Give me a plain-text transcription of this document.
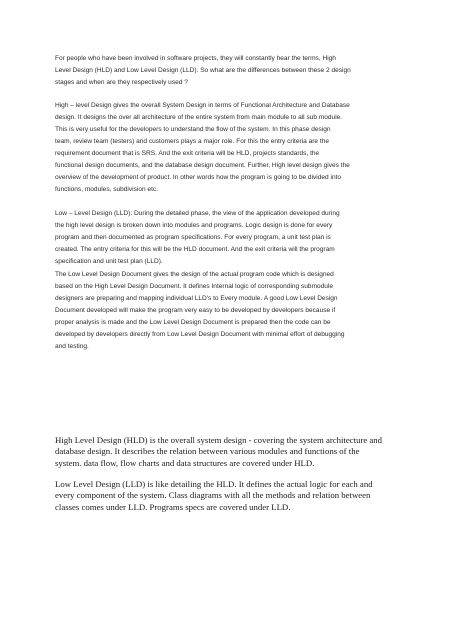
For people who have been involved in software projects, they will constantly hear the terms, High
Level Design (HLD) and Low Level Design (LLD). So what are the differences between these 2 design
stages and when are they respectively used ?

High – level Design gives the overall System Design in terms of Functional Architecture and Database
design. It designs the over all architecture of the entire system from main module to all sub module.
This is very useful for the developers to understand the flow of the system. In this phase design
team, review team (testers) and customers plays a major role. For this the entry criteria are the
requirement document that is SRS. And the exit criteria will be HLD, projects standards, the
functional design documents, and the database design document. Further, High level design gives the
overview of the development of product. In other words how the program is going to be divided into
functions, modules, subdivision etc.

Low – Level Design (LLD): During the detailed phase, the view of the application developed during
the high level design is broken down into modules and programs. Logic design is done for every
program and then documented as program specifications. For every program, a unit test plan is
created. The entry criteria for this will be the HLD document. And the exit criteria will the program
specification and unit test plan (LLD).

The Low Level Design Document gives the design of the actual program code which is designed
based on the High Level Design Document. It defines Internal logic of corresponding submodule
designers are preparing and mapping individual LLD's to Every module. A good Low Level Design
Document developed will make the program very easy to be developed by developers because if
proper analysis is made and the Low Level Design Document is prepared then the code can be
developed by developers directly from Low Level Design Document with minimal effort of debugging
and testing.

High Level Design (HLD) is the overall system design - covering the system architecture and
database design. It describes the relation between various modules and functions of the
system. data flow, flow charts and data structures are covered under HLD.

Low Level Design (LLD) is like detailing the HLD. It defines the actual logic for each and
every component of the system. Class diagrams with all the methods and relation between
classes comes under LLD. Programs specs are covered under LLD.
